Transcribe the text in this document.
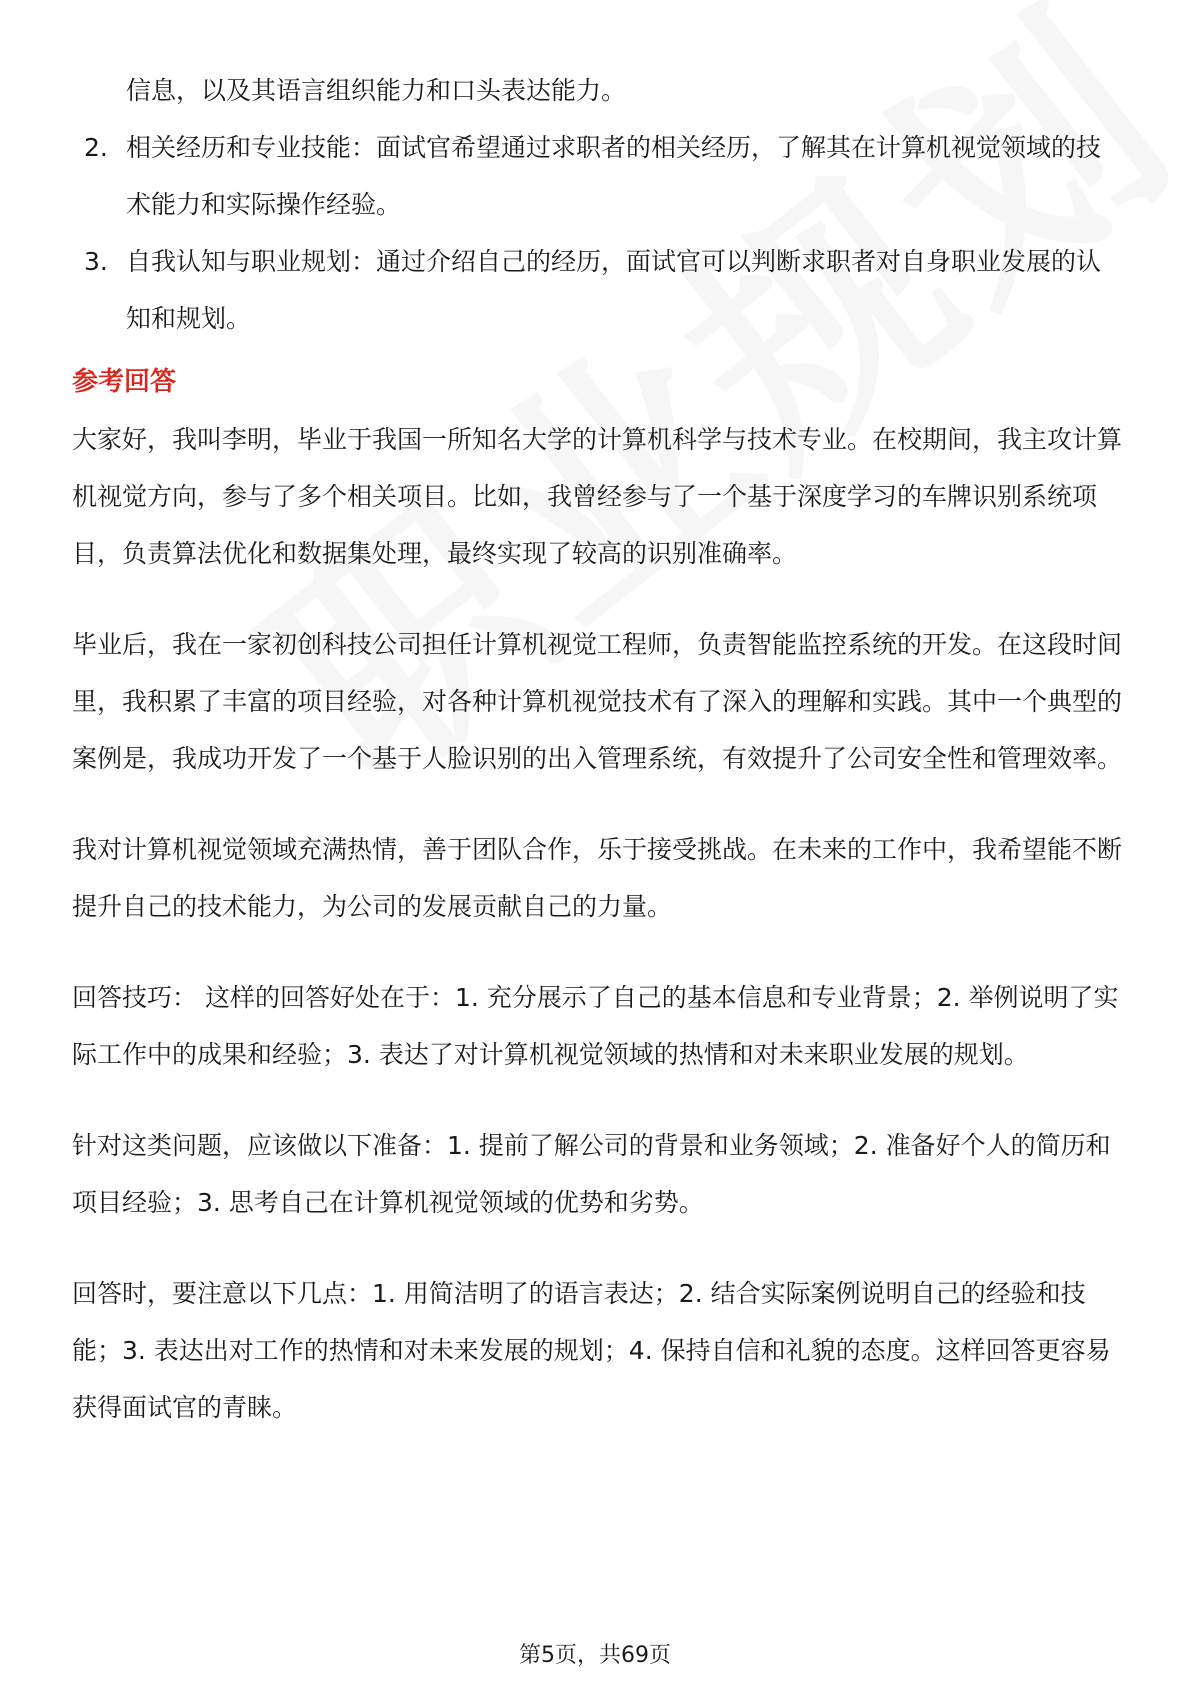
信息，以及其语言组织能力和口头表达能力。
2. 相关经历和专业技能：面试官希望通过求职者的相关经历，了解其在计算机视觉领域的技术能力和实际操作经验。
3. 自我认知与职业规划：通过介绍自己的经历，面试官可以判断求职者对自身职业发展的认知和规划。
参考回答

大家好，我叫李明，毕业于我国一所知名大学的计算机科学与技术专业。在校期间，我主攻计算机视觉方向，参与了多个相关项目。比如，我曾经参与了一个基于深度学习的车牌识别系统项目，负责算法优化和数据集处理，最终实现了较高的识别准确率。

毕业后，我在一家初创科技公司担任计算机视觉工程师，负责智能监控系统的开发。在这段时间里，我积累了丰富的项目经验，对各种计算机视觉技术有了深入的理解和实践。其中一个典型的案例是，我成功开发了一个基于人脸识别的出入管理系统，有效提升了公司安全性和管理效率。

我对计算机视觉领域充满热情，善于团队合作，乐于接受挑战。在未来的工作中，我希望能不断提升自己的技术能力，为公司的发展贡献自己的力量。

回答技巧： 这样的回答好处在于：1. 充分展示了自己的基本信息和专业背景；2. 举例说明了实际工作中的成果和经验；3. 表达了对计算机视觉领域的热情和对未来职业发展的规划。

针对这类问题，应该做以下准备：1. 提前了解公司的背景和业务领域；2. 准备好个人的简历和项目经验；3. 思考自己在计算机视觉领域的优势和劣势。

回答时，要注意以下几点：1. 用简洁明了的语言表达；2. 结合实际案例说明自己的经验和技能；3. 表达出对工作的热情和对未来发展的规划；4. 保持自信和礼貌的态度。这样回答更容易获得面试官的青睐。

第5页，共69页
